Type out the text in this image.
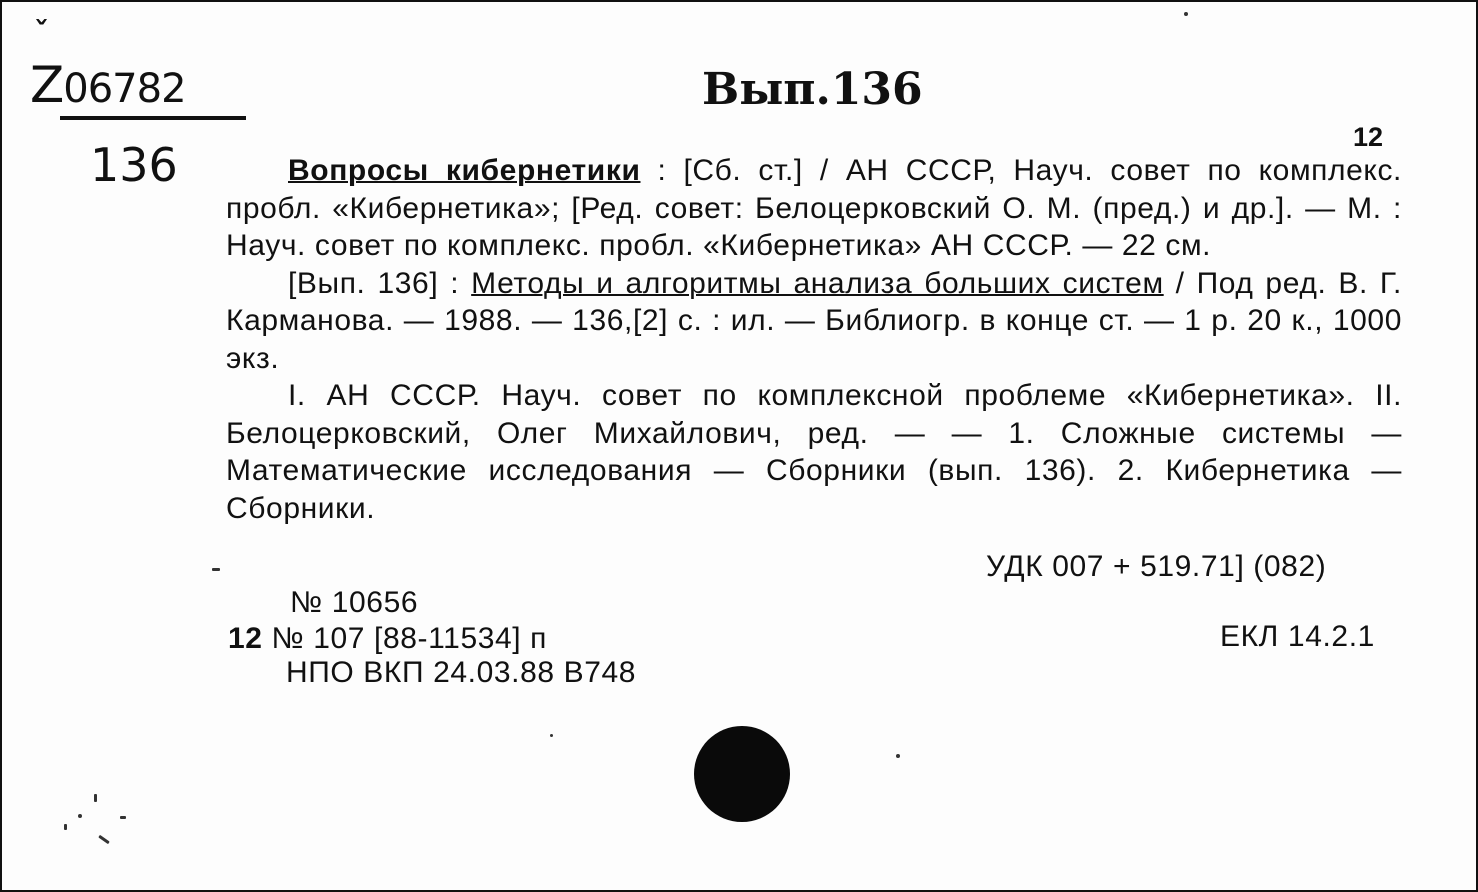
ˇ
Z06782
136
Вып.136
12

Вопросы кибернетики : [Сб. ст.] / АН СССР, Науч. совет по комплекс. пробл. «Кибернетика»; [Ред. совет: Белоцерковский О. М. (пред.) и др.]. — М. : Науч. совет по комплекс. пробл. «Кибернетика» АН СССР. — 22 см.

[Вып. 136] : Методы и алгоритмы анализа больших систем / Под ред. В. Г. Карманова. — 1988. — 136,[2] с. : ил. — Библиогр. в конце ст. — 1 р. 20 к., 1000 экз.

I. АН СССР. Науч. совет по комплексной проблеме «Кибернетика». II. Белоцерковский, Олег Михайлович, ред. — — 1. Сложные системы — Математические исследования — Сборники (вып. 136). 2. Кибернетика — Сборники.

УДК 007 + 519.71] (082)
ЕКЛ 14.2.1
№ 10656
12 № 107 [88-11534] п
НПО ВКП 24.03.88 В748
